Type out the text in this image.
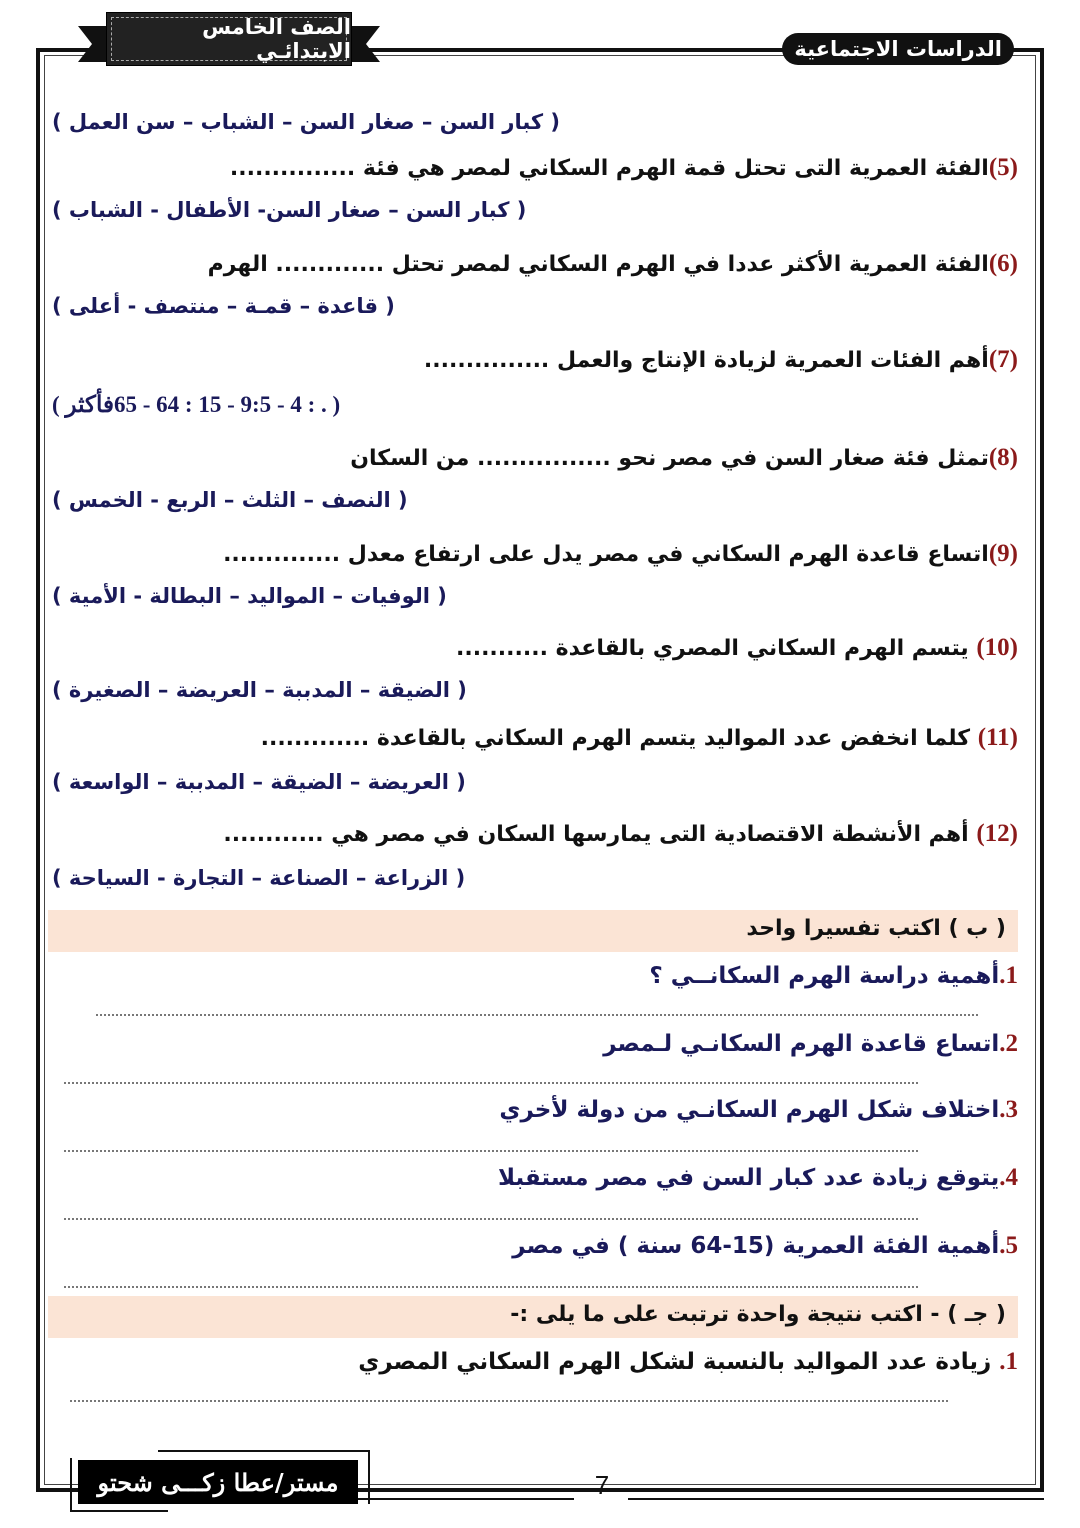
الصف الخامس الابتدائـي	الدراسات الاجتماعية
( كبار السن – صغار السن – الشباب – سن العمل )
(5)الفئة العمرية التى تحتل قمة الهرم السكاني لمصر هي فئة ...............
( كبار السن – صغار السن- الأطفال - الشباب )
(6)الفئة العمرية الأكثر عددا في الهرم السكاني لمصر تحتل ............. الهرم
( قاعدة – قمـة – منتصف - أعلى )
(7)أهم الفئات العمرية لزيادة الإنتاج والعمل ...............
( . : 4 - 9:5 - 15 : 64 - 65فأكثر )
(8)تمثل فئة صغار السن في مصر نحو ................ من السكان
( النصف – الثلث – الربع - الخمس )
(9)اتساع قاعدة الهرم السكاني في مصر يدل على ارتفاع معدل ..............
( الوفيات – المواليد – البطالة - الأمية )
(10) يتسم الهرم السكاني المصري بالقاعدة ...........
( الضيقة – المدببة – العريضة – الصغيرة )
(11) كلما انخفض عدد المواليد يتسم الهرم السكاني بالقاعدة .............
( العريضة – الضيقة – المدببة – الواسعة )
(12) أهم الأنشطة الاقتصادية التى يمارسها السكان في مصر هي ............
( الزراعة – الصناعة – التجارة - السياحة )
( ب ) اكتب تفسيرا واحد
1.أهمية دراسة الهرم السكانــي ؟
2.اتساع قاعدة الهرم السكانـي لـمصر
3.اختلاف شكل الهرم السكانـي من دولة لأخري
4.يتوقع زيادة عدد كبار السن في مصر مستقبلا
5.أهمية الفئة العمرية (15-64 سنة ) في مصر
( جـ ) - اكتب نتيجة واحدة ترتبت على ما يلى :-
1. زيادة عدد المواليد بالنسبة لشكل الهرم السكاني المصري
7
مستر/عطا زكـــى شحتو
